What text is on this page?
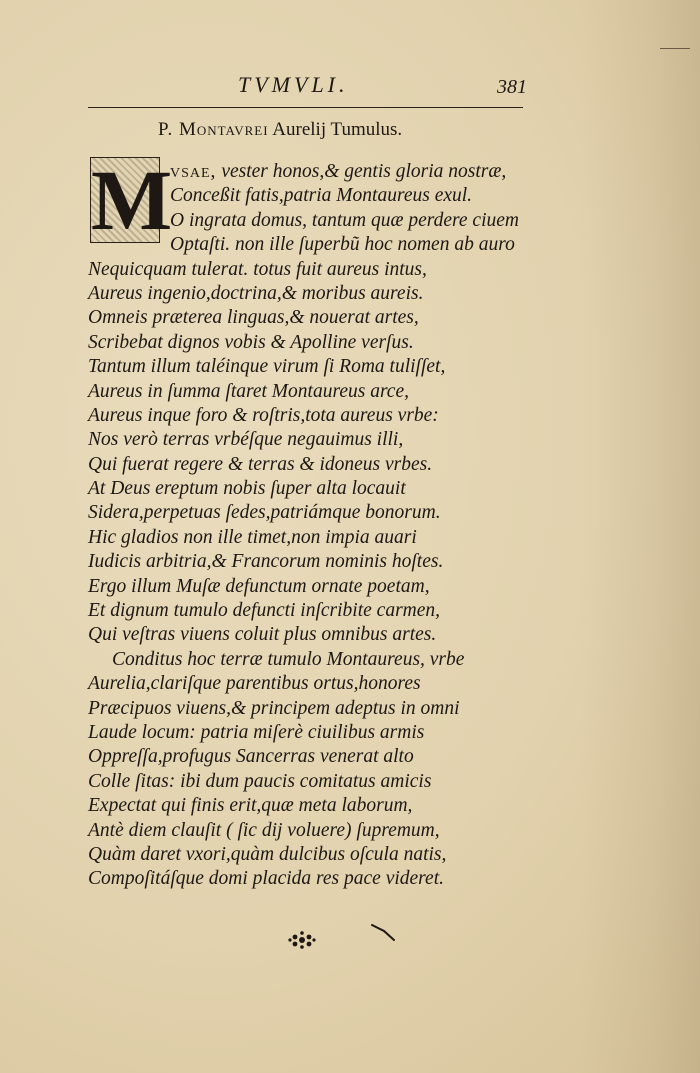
TVMVLI.	381
P. Montavrei Aurelij Tumulus.
M
vsae, vester honos,& gentis gloria nostræ,
Conceßit fatis,patria Montaureus exul.
O ingrata domus, tantum quæ perdere ciuem
Optaſti. non ille ſuperbũ hoc nomen ab auro
Nequicquam tulerat. totus fuit aureus intus,
Aureus ingenio,doctrina,& moribus aureis.
Omneis præterea linguas,& nouerat artes,
Scribebat dignos vobis & Apolline verſus.
Tantum illum taléinque virum ſi Roma tuliſſet,
Aureus in ſumma ſtaret Montaureus arce,
Aureus inque foro & roſtris,tota aureus vrbe:
Nos verò terras vrbéſque negauimus illi,
Qui fuerat regere & terras & idoneus vrbes.
At Deus ereptum nobis ſuper alta locauit
Sidera,perpetuas ſedes,patriámque bonorum.
Hic gladios non ille timet,non impia auari
Iudicis arbitria,& Francorum nominis hoſtes.
Ergo illum Muſæ defunctum ornate poetam,
Et dignum tumulo defuncti inſcribite carmen,
Qui veſtras viuens coluit plus omnibus artes.
Conditus hoc terræ tumulo Montaureus, vrbe
Aurelia,clariſque parentibus ortus,honores
Præcipuos viuens,& principem adeptus in omni
Laude locum: patria miſerè ciuilibus armis
Oppreſſa,profugus Sancerras venerat alto
Colle ſitas: ibi dum paucis comitatus amicis
Expectat qui finis erit,quæ meta laborum,
Antè diem clauſit ( ſic dij voluere) ſupremum,
Quàm daret vxori,quàm dulcibus oſcula natis,
Compoſitáſque domi placida res pace videret.
